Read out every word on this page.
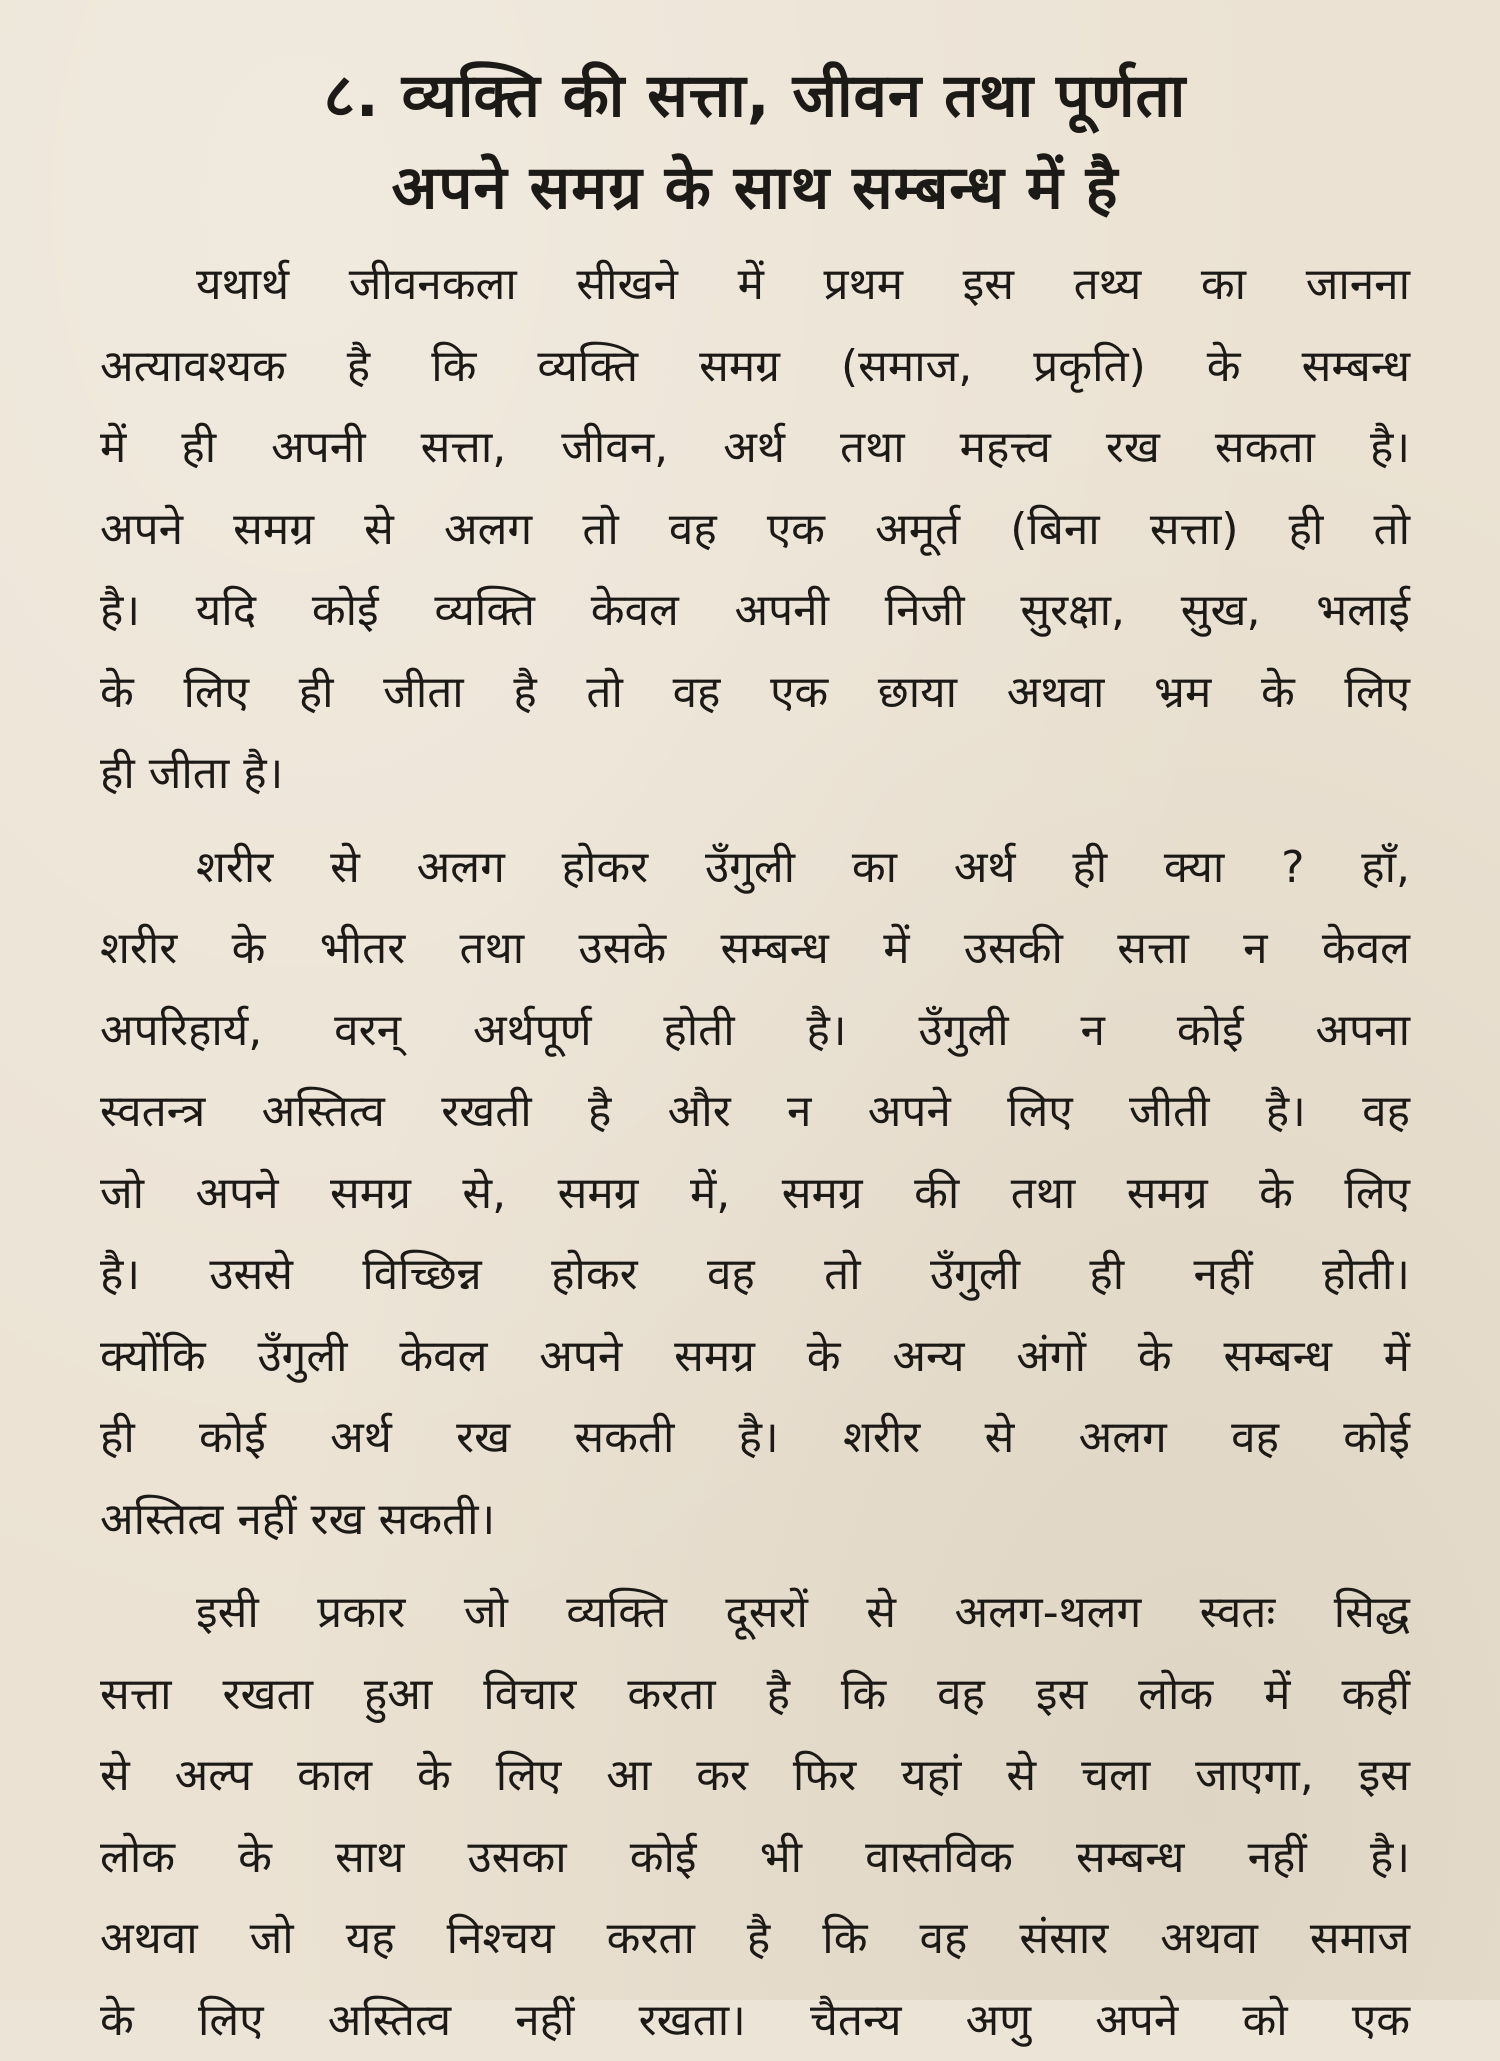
८. व्यक्ति की सत्ता, जीवन तथा पूर्णता
अपने समग्र के साथ सम्बन्ध में है
यथार्थ जीवनकला सीखने में प्रथम इस तथ्य का जानना
अत्यावश्यक है कि व्यक्ति समग्र (समाज, प्रकृति) के सम्बन्ध
में ही अपनी सत्ता, जीवन, अर्थ तथा महत्त्व रख सकता है।
अपने समग्र से अलग तो वह एक अमूर्त (बिना सत्ता) ही तो
है। यदि कोई व्यक्ति केवल अपनी निजी सुरक्षा, सुख, भलाई
के लिए ही जीता है तो वह एक छाया अथवा भ्रम के लिए
ही जीता है।
शरीर से अलग होकर उँगुली का अर्थ ही क्या ? हाँ,
शरीर के भीतर तथा उसके सम्बन्ध में उसकी सत्ता न केवल
अपरिहार्य, वरन् अर्थपूर्ण होती है। उँगुली न कोई अपना
स्वतन्त्र अस्तित्व रखती है और न अपने लिए जीती है। वह
जो अपने समग्र से, समग्र में, समग्र की तथा समग्र के लिए
है। उससे विच्छिन्न होकर वह तो उँगुली ही नहीं होती।
क्योंकि उँगुली केवल अपने समग्र के अन्य अंगों के सम्बन्ध में
ही कोई अर्थ रख सकती है। शरीर से अलग वह कोई
अस्तित्व नहीं रख सकती।
इसी प्रकार जो व्यक्ति दूसरों से अलग-थलग स्वतः सिद्ध
सत्ता रखता हुआ विचार करता है कि वह इस लोक में कहीं
से अल्प काल के लिए आ कर फिर यहां से चला जाएगा, इस
लोक के साथ उसका कोई भी वास्तविक सम्बन्ध नहीं है।
अथवा जो यह निश्चय करता है कि वह संसार अथवा समाज
के लिए अस्तित्व नहीं रखता। चैतन्य अणु अपने को एक
